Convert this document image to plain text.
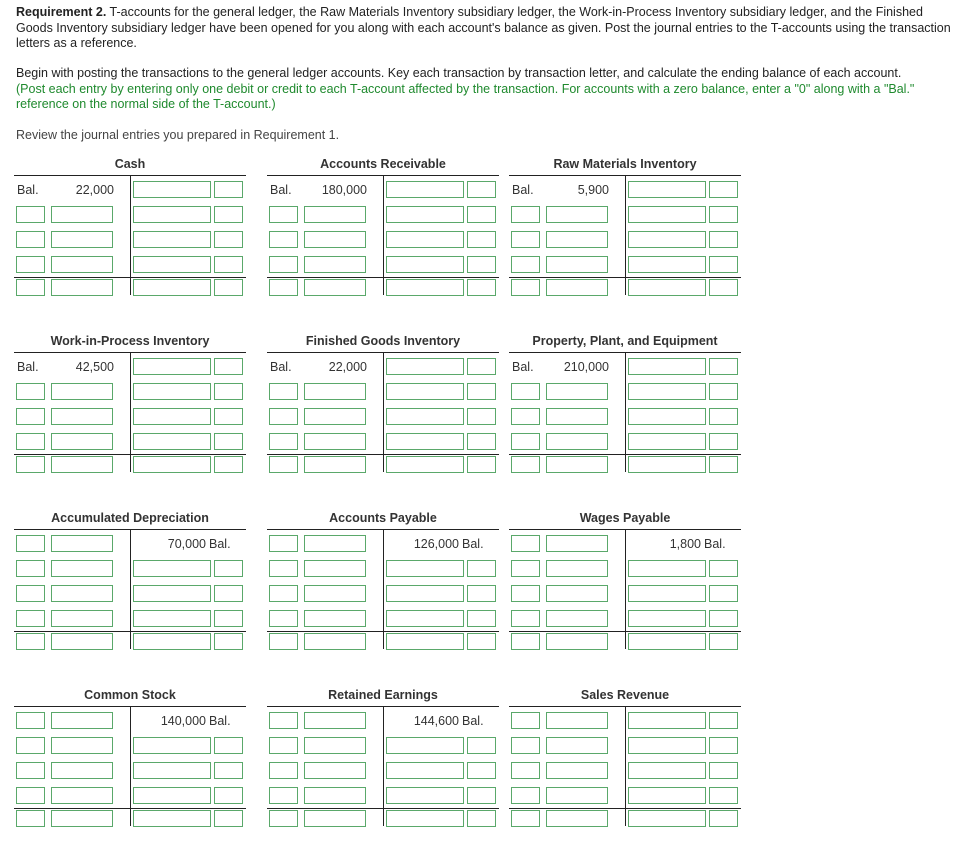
Requirement 2. T-accounts for the general ledger, the Raw Materials Inventory subsidiary ledger, the Work-in-Process Inventory subsidiary ledger, and the Finished Goods Inventory subsidiary ledger have been opened for you along with each account's balance as given. Post the journal entries to the T-accounts using the transaction letters as a reference.

Begin with posting the transactions to the general ledger accounts. Key each transaction by transaction letter, and calculate the ending balance of each account.
(Post each entry by entering only one debit or credit to each T-account affected by the transaction. For accounts with a zero balance, enter a "0" along with a "Bal." reference on the normal side of the T-account.)

Review the journal entries you prepared in Requirement 1.

Cash
Bal.	22,000
Accounts Receivable
Bal.	180,000
Raw Materials Inventory
Bal.	5,900
Work-in-Process Inventory
Bal.	42,500
Finished Goods Inventory
Bal.	22,000
Property, Plant, and Equipment
Bal.	210,000
Accumulated Depreciation
70,000 Bal.
Accounts Payable
126,000 Bal.
Wages Payable
1,800 Bal.
Common Stock
140,000 Bal.
Retained Earnings
144,600 Bal.
Sales Revenue
